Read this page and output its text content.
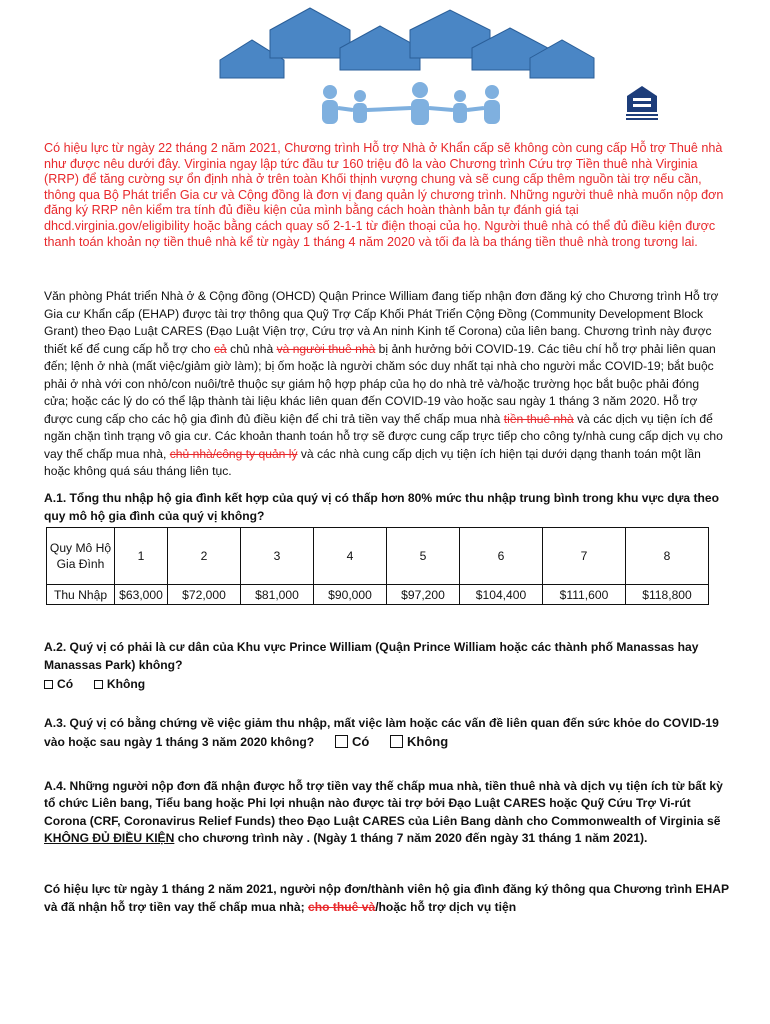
Có hiệu lực từ ngày 22 tháng 2 năm 2021, Chương trình Hỗ trợ Nhà ở Khẩn cấp sẽ không còn cung cấp Hỗ trợ Thuê nhà như được nêu dưới đây. Virginia ngay lập tức đầu tư 160 triệu đô la vào Chương trình Cứu trợ Tiền thuê nhà Virginia (RRP) để tăng cường sự ổn định nhà ở trên toàn Khối thịnh vượng chung và sẽ cung cấp thêm nguồn tài trợ nếu cần, thông qua Bộ Phát triển Gia cư và Cộng đồng là đơn vị đang quản lý chương trình. Những người thuê nhà muốn nộp đơn đăng ký RRP nên kiểm tra tính đủ điều kiện của mình bằng cách hoàn thành bản tự đánh giá tại dhcd.virginia.gov/eligibility hoặc bằng cách quay số 2-1-1 từ điện thoại của họ. Người thuê nhà có thể đủ điều kiện được thanh toán khoản nợ tiền thuê nhà kể từ ngày 1 tháng 4 năm 2020 và tối đa là ba tháng tiền thuê nhà trong tương lai.
Văn phòng Phát triển Nhà ở & Cộng đồng (OHCD) Quận Prince William đang tiếp nhận đơn đăng ký cho Chương trình Hỗ trợ Gia cư Khẩn cấp (EHAP) được tài trợ thông qua Quỹ Trợ Cấp Khối Phát Triển Cộng Đồng (Community Development Block Grant) theo Đạo Luật CARES (Đạo Luật Viện trợ, Cứu trợ và An ninh Kinh tế Corona) của liên bang. Chương trình này được thiết kế để cung cấp hỗ trợ cho cả chủ nhà và người thuê nhà bị ảnh hưởng bởi COVID-19. Các tiêu chí hỗ trợ phải liên quan đến; lệnh ở nhà (mất việc/giảm giờ làm); bị ốm hoặc là người chăm sóc duy nhất tại nhà cho người mắc COVID-19; bắt buộc phải ở nhà với con nhỏ/con nuôi/trẻ thuộc sự giám hộ hợp pháp của họ do nhà trẻ và/hoặc trường học bắt buộc phải đóng cửa; hoặc các lý do có thể lập thành tài liệu khác liên quan đến COVID-19 vào hoặc sau ngày 1 tháng 3 năm 2020. Hỗ trợ được cung cấp cho các hộ gia đình đủ điều kiện để chi trả tiền vay thế chấp mua nhà tiền thuê nhà và các dịch vụ tiện ích để ngăn chặn tình trạng vô gia cư. Các khoản thanh toán hỗ trợ sẽ được cung cấp trực tiếp cho công ty/nhà cung cấp dịch vụ cho vay thế chấp mua nhà, chủ nhà/công ty quản lý và các nhà cung cấp dịch vụ tiện ích hiện tại dưới dạng thanh toán một lần hoặc không quá sáu tháng liên tục.
A.1. Tổng thu nhập hộ gia đình kết hợp của quý vị có thấp hơn 80% mức thu nhập trung bình trong khu vực dựa theo quy mô hộ gia đình của quý vị không?
Quy Mô Hộ Gia Đình	1	2	3	4	5	6	7	8
Thu Nhập	$63,000	$72,000	$81,000	$90,000	$97,200	$104,400	$111,600	$118,800
A.2. Quý vị có phải là cư dân của Khu vực Prince William (Quận Prince William hoặc các thành phố Manassas hay Manassas Park) không?
Có	Không
A.3. Quý vị có bằng chứng về việc giảm thu nhập, mất việc làm hoặc các vấn đề liên quan đến sức khỏe do COVID-19 vào hoặc sau ngày 1 tháng 3 năm 2020 không?	Có	Không
A.4. Những người nộp đơn đã nhận được hỗ trợ tiền vay thế chấp mua nhà, tiền thuê nhà và dịch vụ tiện ích từ bất kỳ tổ chức Liên bang, Tiểu bang hoặc Phi lợi nhuận nào được tài trợ bởi Đạo Luật CARES hoặc Quỹ Cứu Trợ Vi-rút Corona (CRF, Coronavirus Relief Funds) theo Đạo Luật CARES của Liên Bang dành cho Commonwealth of Virginia sẽ KHÔNG ĐỦ ĐIỀU KIỆN cho chương trình này . (Ngày 1 tháng 7 năm 2020 đến ngày 31 tháng 1 năm 2021).
Có hiệu lực từ ngày 1 tháng 2 năm 2021, người nộp đơn/thành viên hộ gia đình đăng ký thông qua Chương trình EHAP và đã nhận hỗ trợ tiền vay thế chấp mua nhà; cho thuê và/hoặc hỗ trợ dịch vụ tiện
